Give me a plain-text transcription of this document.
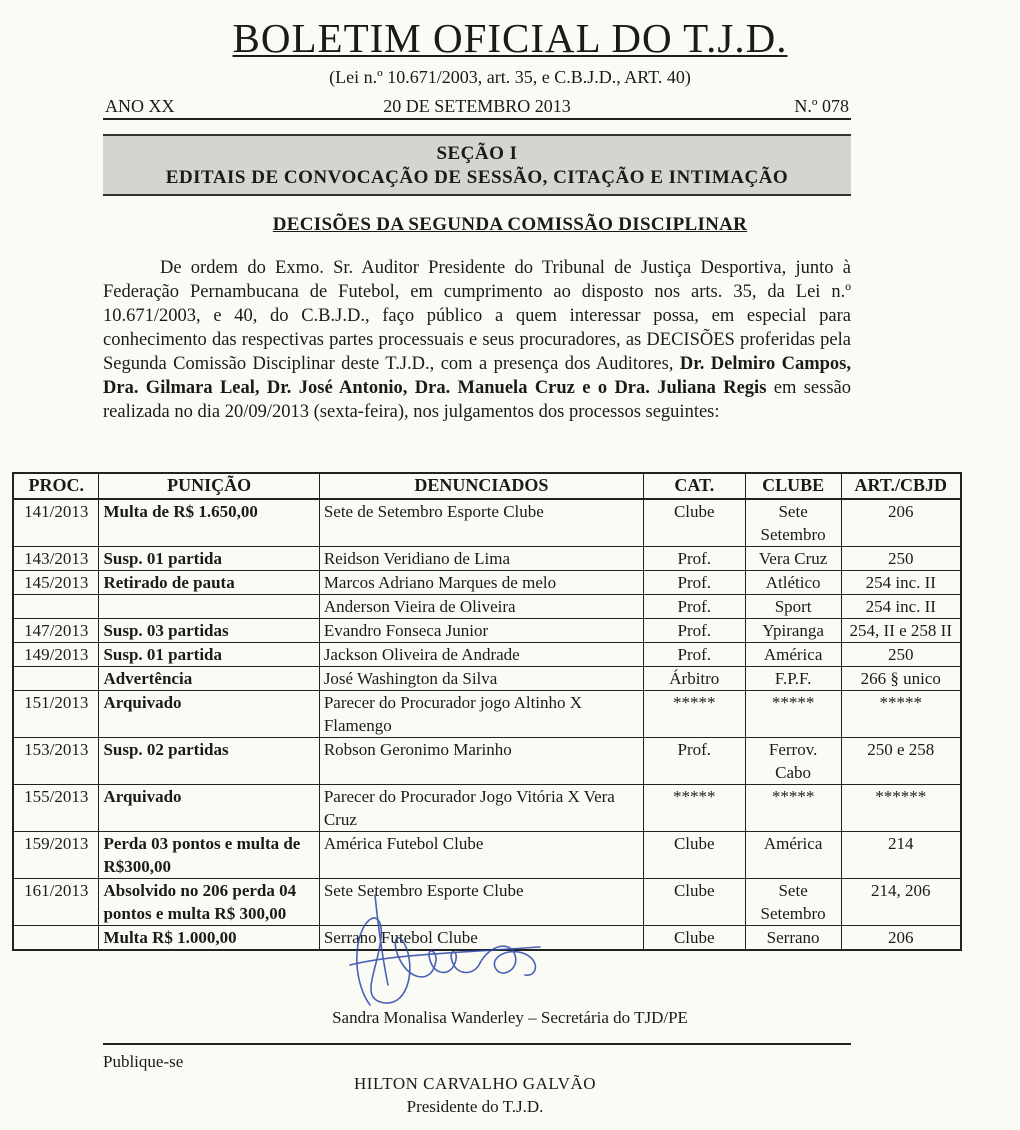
BOLETIM OFICIAL DO T.J.D.
(Lei n.º 10.671/2003, art. 35, e C.B.J.D., ART. 40)
ANO XX	20 DE SETEMBRO 2013	N.º 078
SEÇÃO I
EDITAIS DE CONVOCAÇÃO DE SESSÃO, CITAÇÃO E INTIMAÇÃO
DECISÕES DA SEGUNDA COMISSÃO DISCIPLINAR
De ordem do Exmo. Sr. Auditor Presidente do Tribunal de Justiça Desportiva, junto à Federação Pernambucana de Futebol, em cumprimento ao disposto nos arts. 35, da Lei n.º 10.671/2003, e 40, do C.B.J.D., faço público a quem interessar possa, em especial para conhecimento das respectivas partes processuais e seus procuradores, as DECISÕES proferidas pela Segunda Comissão Disciplinar deste T.J.D., com a presença dos Auditores, Dr. Delmiro Campos, Dra. Gilmara Leal, Dr. José Antonio, Dra. Manuela Cruz e o Dra. Juliana Regis em sessão realizada no dia 20/09/2013 (sexta-feira), nos julgamentos dos processos seguintes:
PROC.	PUNIÇÃO	DENUNCIADOS	CAT.	CLUBE	ART./CBJD
141/2013	Multa de R$ 1.650,00	Sete de Setembro Esporte Clube	Clube	Sete Setembro	206
143/2013	Susp. 01 partida	Reidson Veridiano de Lima	Prof.	Vera Cruz	250
145/2013	Retirado de pauta	Marcos Adriano Marques de melo	Prof.	Atlético	254 inc. II
		Anderson Vieira de Oliveira	Prof.	Sport	254 inc. II
147/2013	Susp. 03 partidas	Evandro Fonseca Junior	Prof.	Ypiranga	254, II e 258 II
149/2013	Susp. 01 partida	Jackson Oliveira de Andrade	Prof.	América	250
	Advertência	José Washington da Silva	Árbitro	F.P.F.	266 § unico
151/2013	Arquivado	Parecer do Procurador jogo Altinho X Flamengo	*****	*****	*****
153/2013	Susp. 02 partidas	Robson Geronimo Marinho	Prof.	Ferrov. Cabo	250 e 258
155/2013	Arquivado	Parecer do Procurador Jogo Vitória X Vera Cruz	*****	*****	******
159/2013	Perda 03 pontos e multa de R$300,00	América Futebol Clube	Clube	América	214
161/2013	Absolvido no 206 perda 04 pontos e multa R$ 300,00	Sete Setembro Esporte Clube	Clube	Sete Setembro	214, 206
	Multa R$ 1.000,00	Serrano Futebol Clube	Clube	Serrano	206
Sandra Monalisa Wanderley – Secretária do TJD/PE
Publique-se
HILTON CARVALHO GALVÃO
Presidente do T.J.D.
